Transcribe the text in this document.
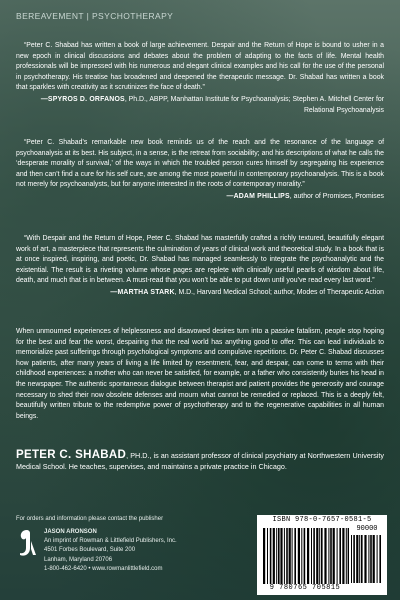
BEREAVEMENT | PSYCHOTHERAPY
“Peter C. Shabad has written a book of large achievement. Despair and the Return of Hope is bound to usher in a new epoch in clinical discussions and debates about the problem of adapting to the facts of life. Mental health professionals will be impressed with his numerous and elegant clinical examples and his call for the use of the personal in psychotherapy. His treatise has broadened and deepened the therapeutic message. Dr. Shabad has written a book that sparkles with creativity as it scrutinizes the face of death.”
—SPYROS D. ORFANOS, Ph.D., ABPP, Manhattan Institute for Psychoanalysis; Stephen A. Mitchell Center for Relational Psychoanalysis
“Peter C. Shabad’s remarkable new book reminds us of the reach and the resonance of the language of psychoanalysis at its best. His subject, in a sense, is the retreat from sociability; and his descriptions of what he calls the ‘desperate morality of survival,’ of the ways in which the troubled person cures himself by segregating his experience and then can’t find a cure for his self cure, are among the most powerful in contemporary psychoanalysis. This is a book not merely for psychoanalysts, but for anyone interested in the roots of contemporary morality.”
—ADAM PHILLIPS, author of Promises, Promises
“With Despair and the Return of Hope, Peter C. Shabad has masterfully crafted a richly textured, beautifully elegant work of art, a masterpiece that represents the culmination of years of clinical work and theoretical study. In a book that is at once inspired, inspiring, and poetic, Dr. Shabad has managed seamlessly to integrate the psychoanalytic and the existential. The result is a riveting volume whose pages are replete with clinically useful pearls of wisdom about life, death, and much that is in between. A must-read that you won’t be able to put down until you’ve read every last word.”
—MARTHA STARK, M.D., Harvard Medical School; author, Modes of Therapeutic Action
When unmourned experiences of helplessness and disavowed desires turn into a passive fatalism, people stop hoping for the best and fear the worst, despairing that the real world has anything good to offer. This can lead individuals to memorialize past sufferings through psychological symptoms and compulsive repetitions. Dr. Peter C. Shabad discusses how patients, after many years of living a life limited by resentment, fear, and despair, can come to terms with their childhood experiences: a mother who can never be satisfied, for example, or a father who consistently buries his head in the newspaper. The authentic spontaneous dialogue between therapist and patient provides the generosity and courage necessary to shed their now obsolete defenses and mourn what cannot be remedied or replaced. This is a deeply felt, beautifully written tribute to the redemptive power of psychotherapy and to the regenerative capabilities in all human beings.
PETER C. SHABAD, PH.D., is an assistant professor of clinical psychiatry at Northwestern University Medical School. He teaches, supervises, and maintains a private practice in Chicago.
For orders and information please contact the publisher
JASON ARONSON
An imprint of Rowman & Littlefield Publishers, Inc.
4501 Forbes Boulevard, Suite 200
Lanham, Maryland 20706
1-800-462-6420 • www.rowmanlittlefield.com
ISBN 978-0-7657-0581-5
90000
9 780765 705815
